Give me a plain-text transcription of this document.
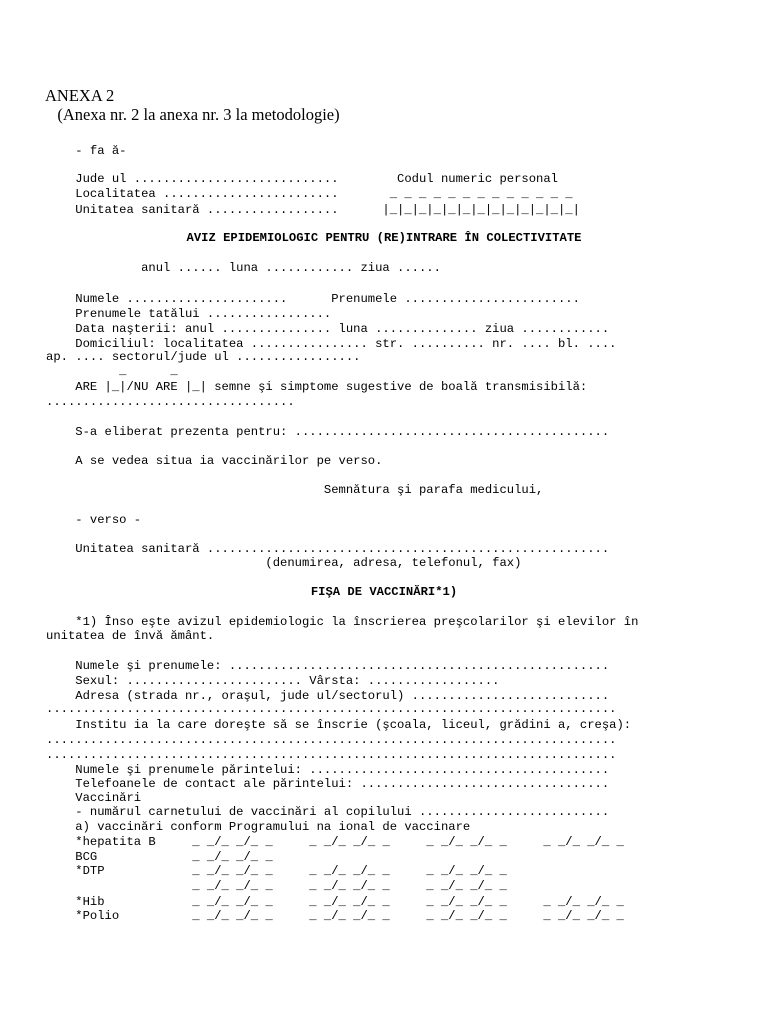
ANEXA 2
(Anexa nr. 2 la anexa nr. 3 la metodologie)
- fa ă-
Jude ul ............................        Codul numeric personal
Localitatea ........................       _ _ _ _ _ _ _ _ _ _ _ _ _
Unitatea sanitară ..................      |_|_|_|_|_|_|_|_|_|_|_|_|_|
AVIZ EPIDEMIOLOGIC PENTRU (RE)INTRARE ÎN COLECTIVITATE
anul ...... luna ............ ziua ......
Numele ......................      Prenumele ........................
Prenumele tatălui .................
Data naşterii: anul ............... luna .............. ziua ............
Domiciliul: localitatea ................ str. .......... nr. .... bl. ....
ap. .... sectorul/jude ul .................
_      _
ARE |_|/NU ARE |_| semne şi simptome sugestive de boală transmisibilă:
..................................
S-a eliberat prezenta pentru: ...........................................
A se vedea situa ia vaccinărilor pe verso.
Semnătura şi parafa medicului,
- verso -
Unitatea sanitară .......................................................
(denumirea, adresa, telefonul, fax)
FIŞA DE VACCINĂRI*1)
*1) Înso eşte avizul epidemiologic la înscrierea preşcolarilor şi elevilor în
unitatea de învă ământ.
Numele şi prenumele: ....................................................
Sexul: ........................ Vârsta: ..................
Adresa (strada nr., oraşul, jude ul/sectorul) ...........................
..............................................................................
Institu ia la care doreşte să se înscrie (şcoala, liceul, grădini a, creşa):
..............................................................................
..............................................................................
Numele şi prenumele părintelui: .........................................
Telefoanele de contact ale părintelui: ..................................
Vaccinări
- numărul carnetului de vaccinări al copilului ..........................
a) vaccinări conform Programului na ional de vaccinare
*hepatita B     _ _/_ _/_ _     _ _/_ _/_ _     _ _/_ _/_ _     _ _/_ _/_ _
BCG             _ _/_ _/_ _
*DTP            _ _/_ _/_ _     _ _/_ _/_ _     _ _/_ _/_ _
_ _/_ _/_ _     _ _/_ _/_ _     _ _/_ _/_ _
*Hib            _ _/_ _/_ _     _ _/_ _/_ _     _ _/_ _/_ _     _ _/_ _/_ _
*Polio          _ _/_ _/_ _     _ _/_ _/_ _     _ _/_ _/_ _     _ _/_ _/_ _
